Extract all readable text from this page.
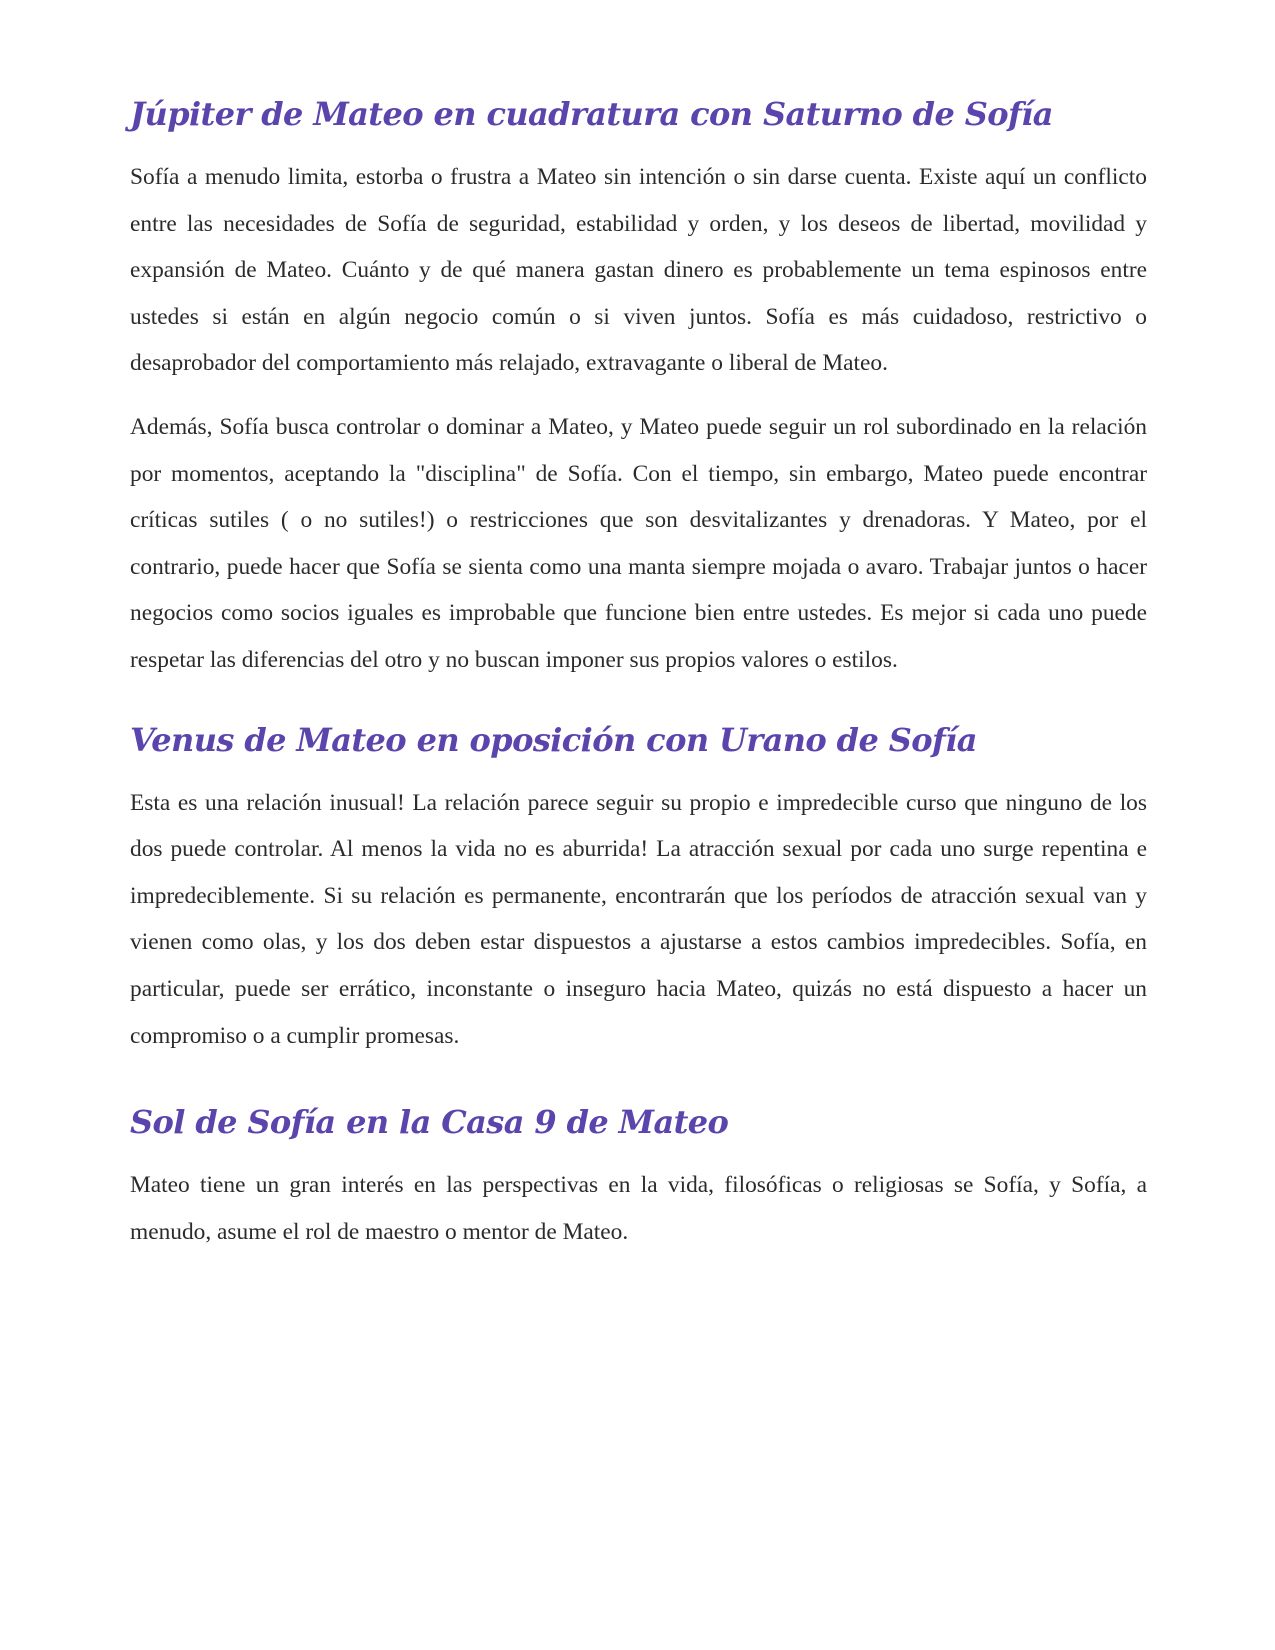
Júpiter de Mateo en cuadratura con Saturno de Sofía

Sofía a menudo limita, estorba o frustra a Mateo sin intención o sin darse cuenta. Existe aquí un conflicto entre las necesidades de Sofía de seguridad, estabilidad y orden, y los deseos de libertad, movilidad y expansión de Mateo. Cuánto y de qué manera gastan dinero es probablemente un tema espinosos entre ustedes si están en algún negocio común o si viven juntos. Sofía es más cuidadoso, restrictivo o desaprobador del comportamiento más relajado, extravagante o liberal de Mateo.

Además, Sofía busca controlar o dominar a Mateo, y Mateo puede seguir un rol subordinado en la relación por momentos, aceptando la "disciplina" de Sofía. Con el tiempo, sin embargo, Mateo puede encontrar críticas sutiles ( o no sutiles!) o restricciones que son desvitalizantes y drenadoras. Y Mateo, por el contrario, puede hacer que Sofía se sienta como una manta siempre mojada o avaro. Trabajar juntos o hacer negocios como socios iguales es improbable que funcione bien entre ustedes. Es mejor si cada uno puede respetar las diferencias del otro y no buscan imponer sus propios valores o estilos.

Venus de Mateo en oposición con Urano de Sofía

Esta es una relación inusual! La relación parece seguir su propio e impredecible curso que ninguno de los dos puede controlar. Al menos la vida no es aburrida! La atracción sexual por cada uno surge repentina e impredeciblemente. Si su relación es permanente, encontrarán que los períodos de atracción sexual van y vienen como olas, y los dos deben estar dispuestos a ajustarse a estos cambios impredecibles. Sofía, en particular, puede ser errático, inconstante o inseguro hacia Mateo, quizás no está dispuesto a hacer un compromiso o a cumplir promesas.

Sol de Sofía en la Casa 9 de Mateo

Mateo tiene un gran interés en las perspectivas en la vida, filosóficas o religiosas se Sofía, y Sofía, a menudo, asume el rol de maestro o mentor de Mateo.
